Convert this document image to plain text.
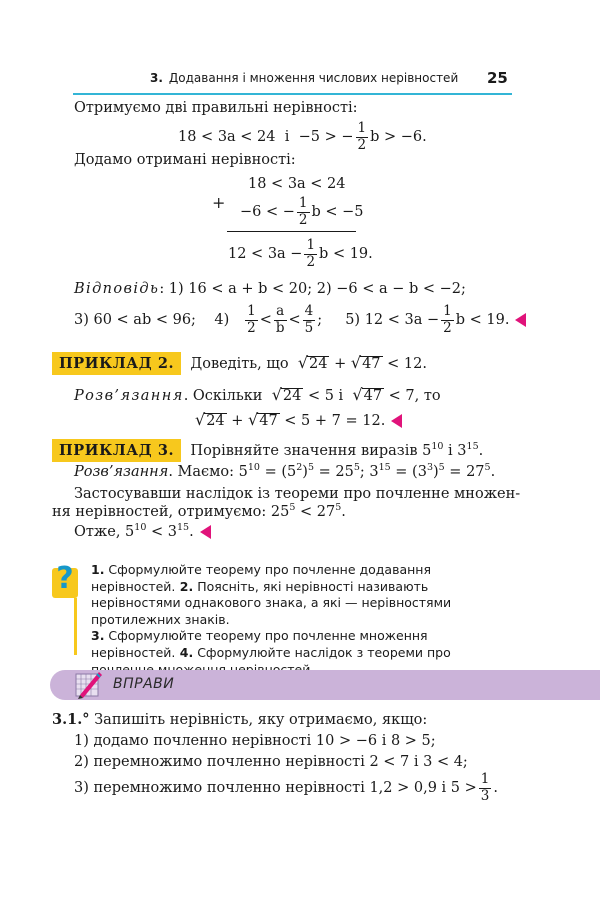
3. Додавання і множення числових нерівностей 25
Отримуємо дві правильні нерівності:
18 < 3a < 24 і −5 > − $\frac{1}{2}$ b > −6.
Додамо отримані нерівності:
18 < 3a < 24
+ −6 < − $\frac{1}{2}$ b < −5
$12 < 3a - \frac{1}{2}$ b < 19.
Відповідь: 1) 16 < a + b < 20; 2) −6 < a − b < −2;
3) 60 < ab < 96; $4) \frac{1}{2} < \frac{a}{b} < \frac{4}{5}$ ;     5) $12 < 3a - \frac{1}{2}$ b < 19.
ПРИКЛАД 2. Доведіть, що √24 + √47 < 12.
Розв’язання. Оскільки √24 < 5 і √47 < 7, то
√24 + √47 < 5 + 7 = 12.
ПРИКЛАД 3. Порівняйте значення виразів $5^{10}$ і $3^{15}$.
Розв’язання. Маємо: $5^{10} = (5^2)^5 = 25^5$; $3^{15} = (3^3)^5 = 27^5$.
Застосувавши наслідок із теореми про почленне множен-
ня нерівностей, отримуємо: $25^5 < 27^5$.
Отже, $5^{10} < 3^{15}$.
?	1. Сформулюйте теорему про почленне додавання нерівностей. 2. Поясніть, які нерівності називають нерівностями однакового знака, а які — нерівностями протилежних знаків.
3. Сформулюйте теорему про почленне множення нерівностей. 4. Сформулюйте наслідок з теореми про
ВПРАВИ
3.1.° Запишіть нерівність, яку отримаємо, якщо:
1) додамо почленно нерівності 10 > −6 і 8 > 5;
2) перемножимо почленно нерівності 2 < 7 і 3 < 4;
3) перемножимо почленно нерівності 1,2 > 0,9 і $5 > \frac{1}{3}$ .
